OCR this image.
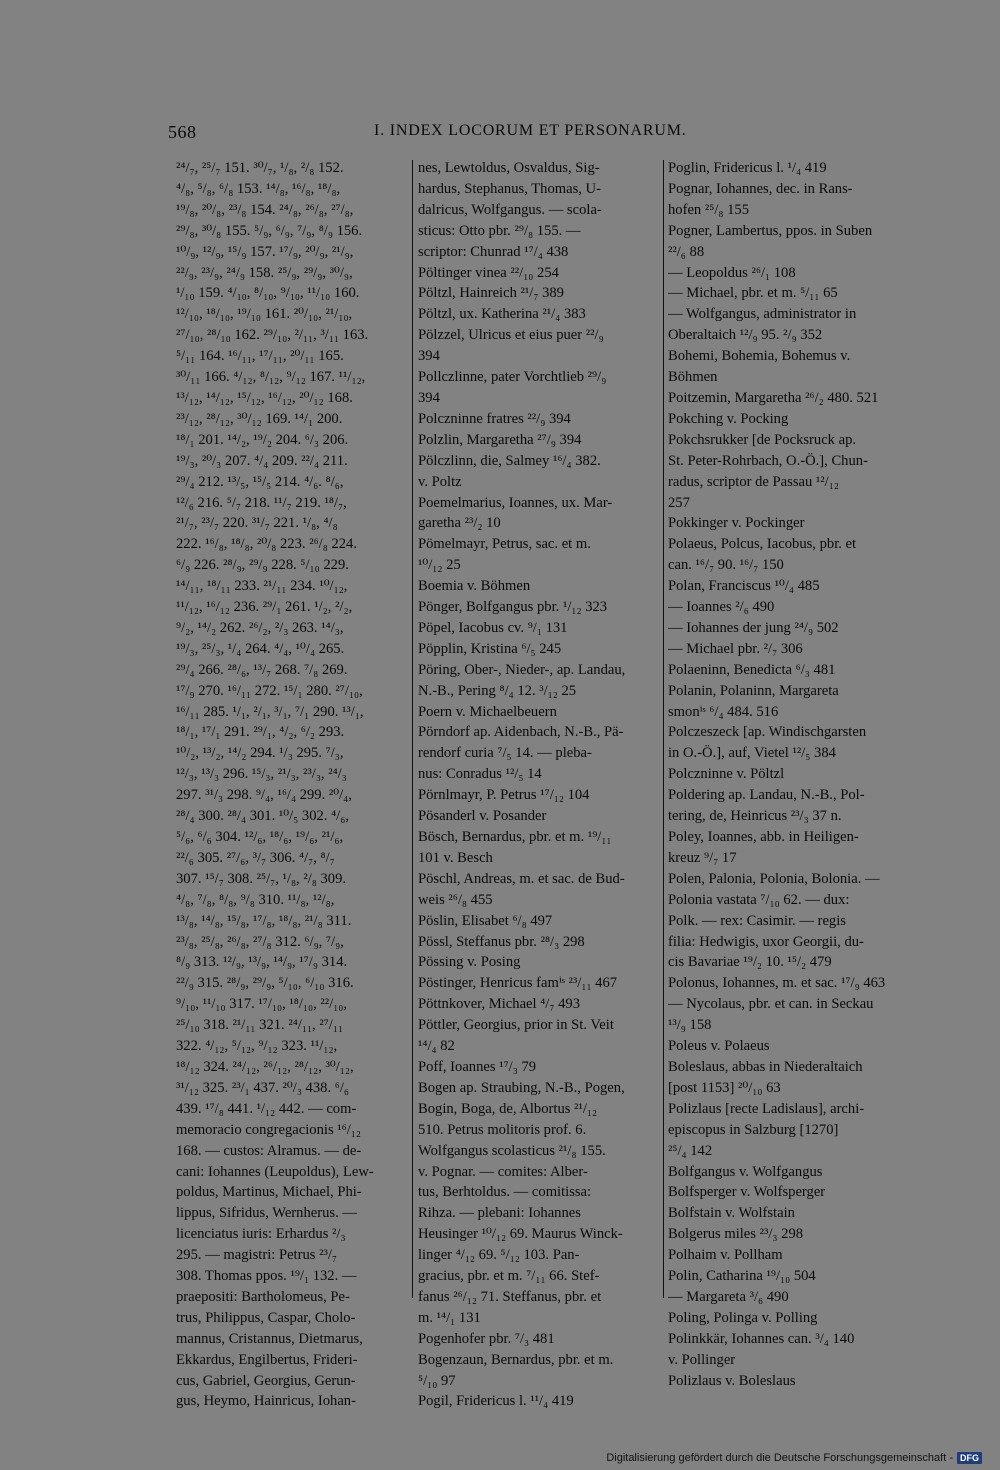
568	I. INDEX LOCORUM ET PERSONARUM.
²⁴/₇, ²⁵/₇ 151. ³⁰/₇, ¹/₈, ²/₈ 152.
⁴/₈, ⁵/₈, ⁶/₈ 153. ¹⁴/₈, ¹⁶/₈, ¹⁸/₈,
¹⁹/₈, ²⁰/₈, ²³/₈ 154. ²⁴/₈, ²⁶/₈, ²⁷/₈,
²⁹/₈, ³⁰/₈ 155. ⁵/₉, ⁶/₉, ⁷/₉, ⁸/₉ 156.
¹⁰/₉, ¹²/₉, ¹⁵/₉ 157. ¹⁷/₉, ²⁰/₉, ²¹/₉,
²²/₉, ²³/₉, ²⁴/₉ 158. ²⁵/₉, ²⁹/₉, ³⁰/₉,
¹/₁₀ 159. ⁴/₁₀, ⁸/₁₀, ⁹/₁₀, ¹¹/₁₀ 160.
¹²/₁₀, ¹⁸/₁₀, ¹⁹/₁₀ 161. ²⁰/₁₀, ²¹/₁₀,
²⁷/₁₀, ²⁸/₁₀ 162. ²⁹/₁₀, ²/₁₁, ³/₁₁ 163.
⁵/₁₁ 164. ¹⁶/₁₁, ¹⁷/₁₁, ²⁰/₁₁ 165.
³⁰/₁₁ 166. ⁴/₁₂, ⁸/₁₂, ⁹/₁₂ 167. ¹¹/₁₂,
¹³/₁₂, ¹⁴/₁₂, ¹⁵/₁₂, ¹⁶/₁₂, ²⁰/₁₂ 168.
²³/₁₂, ²⁸/₁₂, ³⁰/₁₂ 169. ¹⁴/₁ 200.
¹⁸/₁ 201. ¹⁴/₂, ¹⁹/₂ 204. ⁶/₃ 206.
¹⁹/₃, ²⁰/₃ 207. ⁴/₄ 209. ²²/₄ 211.
²⁹/₄ 212. ¹³/₅, ¹⁵/₅ 214. ⁴/₆. ⁸/₆,
¹²/₆ 216. ⁵/₇ 218. ¹¹/₇ 219. ¹⁸/₇,
²¹/₇, ²³/₇ 220. ³¹/₇ 221. ¹/₈, ⁴/₈
222. ¹⁶/₈, ¹⁸/₈, ²⁰/₈ 223. ²⁶/₈ 224.
⁶/₉ 226. ²⁸/₉, ²⁹/₉ 228. ⁵/₁₀ 229.
¹⁴/₁₁, ¹⁸/₁₁ 233. ²¹/₁₁ 234. ¹⁰/₁₂,
¹¹/₁₂, ¹⁶/₁₂ 236. ²⁹/₁ 261. ¹/₂, ²/₂,
⁹/₂, ¹⁴/₂ 262. ²⁶/₂, ²/₃ 263. ¹⁴/₃,
¹⁹/₃, ²⁵/₃, ¹/₄ 264. ⁴/₄, ¹⁰/₄ 265.
²⁹/₄ 266. ²⁸/₆, ¹³/₇ 268. ⁷/₈ 269.
¹⁷/₉ 270. ¹⁶/₁₁ 272. ¹⁵/₁ 280. ²⁷/₁₀,
¹⁶/₁₁ 285. ¹/₁, ²/₁, ³/₁, ⁷/₁ 290. ¹³/₁,
¹⁸/₁, ¹⁷/₁ 291. ²⁹/₁, ⁴/₂, ⁶/₂ 293.
¹⁰/₂, ¹³/₂, ¹⁴/₂ 294. ¹/₃ 295. ⁷/₃,
¹²/₃, ¹³/₃ 296. ¹⁵/₃, ²¹/₃, ²³/₃, ²⁴/₃
297. ³¹/₃ 298. ⁹/₄, ¹⁶/₄ 299. ²⁰/₄,
²⁸/₄ 300. ²⁸/₄ 301. ¹⁰/₅ 302. ⁴/₆,
⁵/₆, ⁶/₆ 304. ¹²/₆, ¹⁸/₆, ¹⁹/₆, ²¹/₆,
²²/₆ 305. ²⁷/₆, ³/₇ 306. ⁴/₇, ⁸/₇
307. ¹⁵/₇ 308. ²⁵/₇, ¹/₈, ²/₈ 309.
⁴/₈, ⁷/₈, ⁸/₈, ⁹/₈ 310. ¹¹/₈, ¹²/₈,
¹³/₈, ¹⁴/₈, ¹⁵/₈, ¹⁷/₈, ¹⁸/₈, ²¹/₈ 311.
²³/₈, ²⁵/₈, ²⁶/₈, ²⁷/₈ 312. ⁶/₉, ⁷/₉,
⁸/₉ 313. ¹²/₉, ¹³/₉, ¹⁴/₉, ¹⁷/₉ 314.
²²/₉ 315. ²⁸/₉, ²⁹/₉, ⁵/₁₀, ⁶/₁₀ 316.
⁹/₁₀, ¹¹/₁₀ 317. ¹⁷/₁₀, ¹⁸/₁₀, ²²/₁₀,
²⁵/₁₀ 318. ²¹/₁₁ 321. ²⁴/₁₁, ²⁷/₁₁
322. ⁴/₁₂, ⁵/₁₂, ⁹/₁₂ 323. ¹¹/₁₂,
¹⁸/₁₂ 324. ²⁴/₁₂, ²⁶/₁₂, ²⁸/₁₂, ³⁰/₁₂,
³¹/₁₂ 325. ²³/₁ 437. ²⁰/₃ 438. ⁶/₆
439. ¹⁷/₈ 441. ¹/₁₂ 442. — com-
memoracio congregacionis ¹⁶/₁₂
168. — custos: Alramus. — de-
cani: Iohannes (Leupoldus), Lew-
poldus, Martinus, Michael, Phi-
lippus, Sifridus, Wernherus. —
licenciatus iuris: Erhardus ²/₃
295. — magistri: Petrus ²³/₇
308. Thomas ppos. ¹⁹/₁ 132. —
praepositi: Bartholomeus, Pe-
trus, Philippus, Caspar, Cholo-
mannus, Cristannus, Dietmarus,
Ekkardus, Engilbertus, Frideri-
cus, Gabriel, Georgius, Gerun-
gus, Heymo, Hainricus, Iohan-
nes, Lewtoldus, Osvaldus, Sig-
hardus, Stephanus, Thomas, U-
dalricus, Wolfgangus. — scola-
sticus: Otto pbr. ²⁹/₈ 155. —
scriptor: Chunrad ¹⁷/₄ 438
Pöltinger vinea ²²/₁₀ 254
Pöltzl, Hainreich ²¹/₇ 389
Pöltzl, ux. Katherina ²¹/₄ 383
Pölzzel, Ulricus et eius puer ²²/₉
394
Pollczlinne, pater Vorchtlieb ²⁹/₉
394
Polczninne fratres ²²/₉ 394
Polzlin, Margaretha ²⁷/₉ 394
Pölczlinn, die, Salmey ¹⁶/₄ 382.
v. Poltz
Poemelmarius, Ioannes, ux. Mar-
garetha ²³/₂ 10
Pömelmayr, Petrus, sac. et m.
¹⁰/₁₂ 25
Boemia v. Böhmen
Pönger, Bolfgangus pbr. ¹/₁₂ 323
Pöpel, Iacobus cv. ⁹/₁ 131
Pöpplin, Kristina ⁶/₅ 245
Pöring, Ober-, Nieder-, ap. Landau,
N.-B., Pering ⁸/₄ 12. ³/₁₂ 25
Poern v. Michaelbeuern
Pörndorf ap. Aidenbach, N.-B., Pä-
rendorf curia ⁷/₅ 14. — pleba-
nus: Conradus ¹²/₅ 14
Pörnlmayr, P. Petrus ¹⁷/₁₂ 104
Pösanderl v. Posander
Bösch, Bernardus, pbr. et m. ¹⁹/₁₁
101 v. Besch
Pöschl, Andreas, m. et sac. de Bud-
weis ²⁶/₈ 455
Pöslin, Elisabet ⁶/₈ 497
Pössl, Steffanus pbr. ²⁸/₃ 298
Pössing v. Posing
Pöstinger, Henricus famⁱˢ ²³/₁₁ 467
Pöttnkover, Michael ⁴/₇ 493
Pöttler, Georgius, prior in St. Veit
¹⁴/₄ 82
Poff, Ioannes ¹⁷/₃ 79
Bogen ap. Straubing, N.-B., Pogen,
Bogin, Boga, de, Albortus ²¹/₁₂
510. Petrus molitoris prof. 6.
Wolfgangus scolasticus ²¹/₈ 155.
v. Pognar. — comites: Alber-
tus, Berhtoldus. — comitissa:
Rihza. — plebani: Iohannes
Heusinger ¹⁰/₁₂ 69. Maurus Winck-
linger ⁴/₁₂ 69. ⁵/₁₂ 103. Pan-
gracius, pbr. et m. ⁷/₁₁ 66. Stef-
fanus ²⁶/₁₂ 71. Steffanus, pbr. et
m. ¹⁴/₁ 131
Pogenhofer pbr. ⁷/₃ 481
Bogenzaun, Bernardus, pbr. et m.
⁵/₁₀ 97
Pogil, Fridericus l. ¹¹/₄ 419
Poglin, Fridericus l. ¹/₄ 419
Pognar, Iohannes, dec. in Rans-
hofen ²⁵/₈ 155
Pogner, Lambertus, ppos. in Suben
²²/₆ 88
— Leopoldus ²⁶/₁ 108
— Michael, pbr. et m. ⁵/₁₁ 65
— Wolfgangus, administrator in
Oberaltaich ¹²/₉ 95. ²/₉ 352
Bohemi, Bohemia, Bohemus v.
Böhmen
Poitzemin, Margaretha ²⁶/₂ 480. 521
Pokching v. Pocking
Pokchsrukker [de Pocksruck ap.
St. Peter-Rohrbach, O.-Ö.], Chun-
radus, scriptor de Passau ¹²/₁₂
257
Pokkinger v. Pockinger
Polaeus, Polcus, Iacobus, pbr. et
can. ¹⁶/₇ 90. ¹⁶/₇ 150
Polan, Franciscus ¹⁰/₄ 485
— Ioannes ²/₆ 490
— Iohannes der jung ²⁴/₉ 502
— Michael pbr. ²/₇ 306
Polaeninn, Benedicta ⁶/₃ 481
Polanin, Polaninn, Margareta
smonⁱˢ ⁶/₄ 484. 516
Polczeszeck [ap. Windischgarsten
in O.-Ö.], auf, Vietel ¹²/₅ 384
Polczninne v. Pöltzl
Poldering ap. Landau, N.-B., Pol-
tering, de, Heinricus ²³/₃ 37 n.
Poley, Ioannes, abb. in Heiligen-
kreuz ⁹/₇ 17
Polen, Palonia, Polonia, Bolonia. —
Polonia vastata ⁷/₁₀ 62. — dux:
Polk. — rex: Casimir. — regis
filia: Hedwigis, uxor Georgii, du-
cis Bavariae ¹⁹/₂ 10. ¹⁵/₂ 479
Polonus, Iohannes, m. et sac. ¹⁷/₉ 463
— Nycolaus, pbr. et can. in Seckau
¹³/₉ 158
Poleus v. Polaeus
Boleslaus, abbas in Niederaltaich
[post 1153] ²⁰/₁₀ 63
Polizlaus [recte Ladislaus], archi-
episcopus in Salzburg [1270]
²⁵/₄ 142
Bolfgangus v. Wolfgangus
Bolfsperger v. Wolfsperger
Bolfstain v. Wolfstain
Bolgerus miles ²³/₃ 298
Polhaim v. Pollham
Polin, Catharina ¹⁹/₁₀ 504
— Margareta ³/₆ 490
Poling, Polinga v. Polling
Polinkkär, Iohannes can. ³/₄ 140
v. Pollinger
Polizlaus v. Boleslaus
Digitalisierung gefördert durch die Deutsche Forschungsgemeinschaft - DFG
